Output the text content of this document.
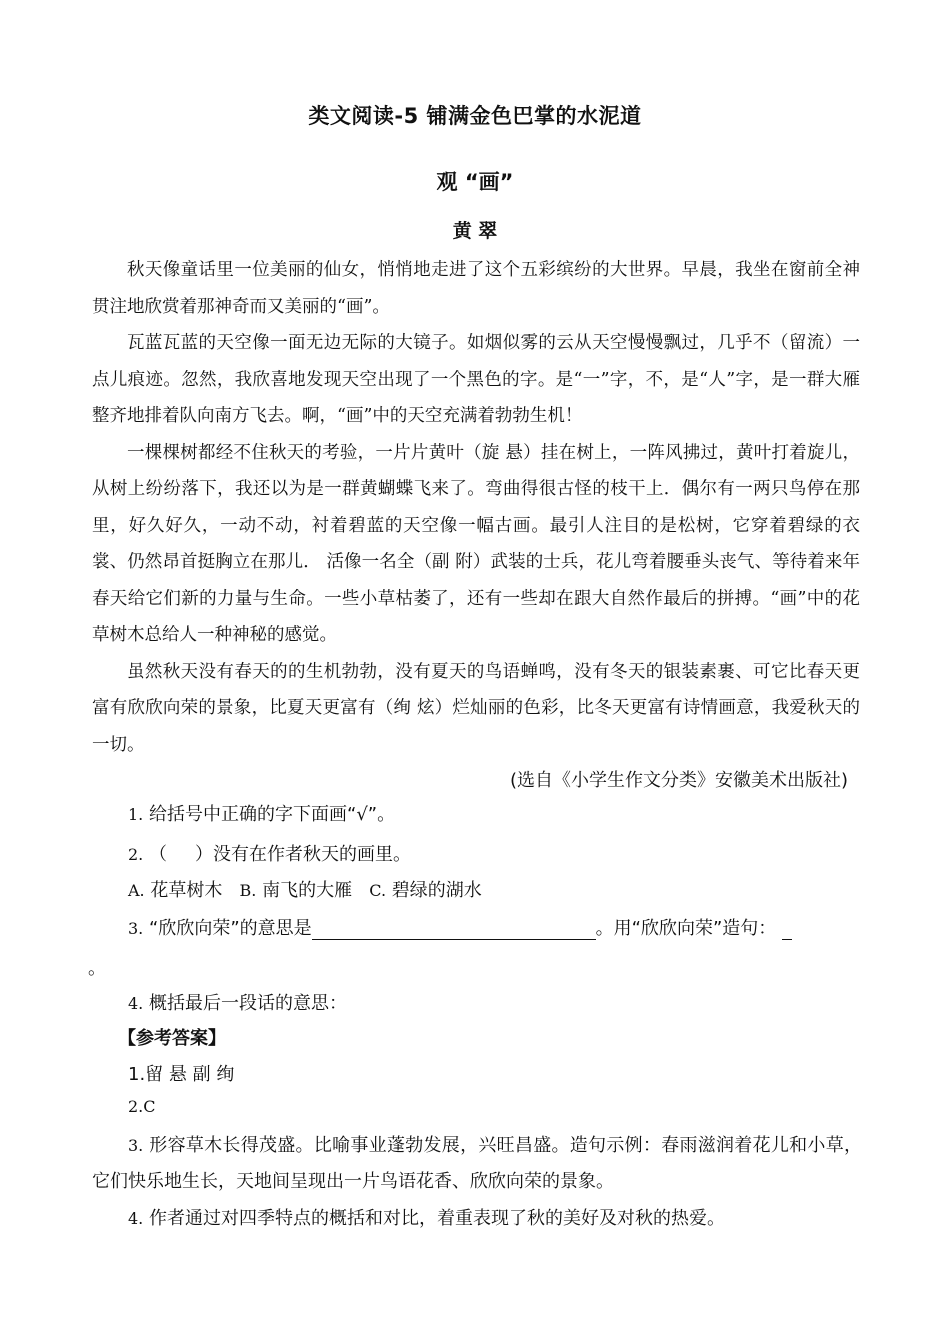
类文阅读-5 铺满金色巴掌的水泥道
观 “画”
黄 翠

秋天像童话里一位美丽的仙女，悄悄地走进了这个五彩缤纷的大世界。早晨，我坐在窗前全神贯注地欣赏着那神奇而又美丽的“画”。

瓦蓝瓦蓝的天空像一面无边无际的大镜子。如烟似雾的云从天空慢慢飘过，几乎不（留流）一点儿痕迹。忽然，我欣喜地发现天空出现了一个黑色的字。是“一”字，不，是“人”字，是一群大雁整齐地排着队向南方飞去。啊，“画”中的天空充满着勃勃生机！

一棵棵树都经不住秋天的考验，一片片黄叶（旋 悬）挂在树上，一阵风拂过，黄叶打着旋儿，从树上纷纷落下，我还以为是一群黄蝴蝶飞来了。弯曲得很古怪的枝干上．偶尔有一两只鸟停在那里，好久好久，一动不动，衬着碧蓝的天空像一幅古画。最引人注目的是松树，它穿着碧绿的衣裳、仍然昂首挺胸立在那儿． 活像一名全（副 附）武装的士兵，花儿弯着腰垂头丧气、等待着来年春天给它们新的力量与生命。一些小草枯萎了，还有一些却在跟大自然作最后的拼搏。“画”中的花草树木总给人一种神秘的感觉。

虽然秋天没有春天的的生机勃勃，没有夏天的鸟语蝉鸣，没有冬天的银装素裹、可它比春天更富有欣欣向荣的景象，比夏天更富有（绚 炫）烂灿丽的色彩，比冬天更富有诗情画意，我爱秋天的一切。

(选自《小学生作文分类》安徽美术出版社)
1. 给括号中正确的字下面画“√”。
2. （ ）没有在作者秋天的画里。
A. 花草树木 B. 南飞的大雁 C. 碧绿的湖水
3. “欣欣向荣”的意思是	。用“欣欣向荣”造句：
。
4. 概括最后一段话的意思：
【参考答案】
1.留 悬 副 绚
2.C
3. 形容草木长得茂盛。比喻事业蓬勃发展，兴旺昌盛。造句示例：春雨滋润着花儿和小草，它们快乐地生长，天地间呈现出一片鸟语花香、欣欣向荣的景象。
4. 作者通过对四季特点的概括和对比，着重表现了秋的美好及对秋的热爱。
